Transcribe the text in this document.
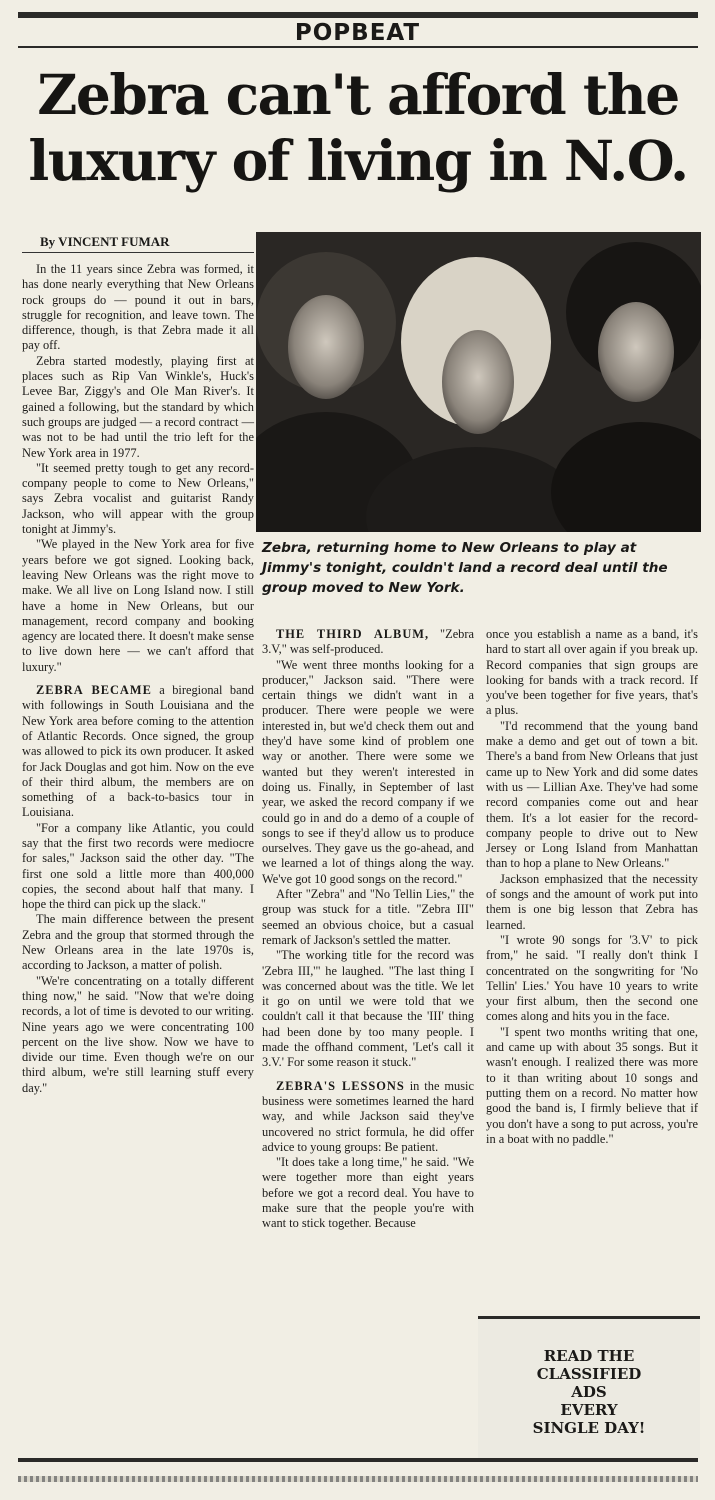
POPBEAT
Zebra can't afford the luxury of living in N.O.
By VINCENT FUMAR

In the 11 years since Zebra was formed, it has done nearly everything that New Orleans rock groups do — pound it out in bars, struggle for recognition, and leave town. The difference, though, is that Zebra made it all pay off.

Zebra started modestly, playing first at places such as Rip Van Winkle's, Huck's Levee Bar, Ziggy's and Ole Man River's. It gained a following, but the standard by which such groups are judged — a record contract — was not to be had until the trio left for the New York area in 1977.

"It seemed pretty tough to get any record-company people to come to New Orleans," says Zebra vocalist and guitarist Randy Jackson, who will appear with the group tonight at Jimmy's.

"We played in the New York area for five years before we got signed. Looking back, leaving New Orleans was the right move to make. We all live on Long Island now. I still have a home in New Orleans, but our management, record company and booking agency are located there. It doesn't make sense to live down here — we can't afford that luxury."

ZEBRA BECAME a biregional band with followings in South Louisiana and the New York area before coming to the attention of Atlantic Records. Once signed, the group was allowed to pick its own producer. It asked for Jack Douglas and got him. Now on the eve of their third album, the members are on something of a back-to-basics tour in Louisiana.

"For a company like Atlantic, you could say that the first two records were mediocre for sales," Jackson said the other day. "The first one sold a little more than 400,000 copies, the second about half that many. I hope the third can pick up the slack."

The main difference between the present Zebra and the group that stormed through the New Orleans area in the late 1970s is, according to Jackson, a matter of polish.

"We're concentrating on a totally different thing now," he said. "Now that we're doing records, a lot of time is devoted to our writing. Nine years ago we were concentrating 100 percent on the live show. Now we have to divide our time. Even though we're on our third album, we're still learning stuff every day."

Zebra, returning home to New Orleans to play at Jimmy's tonight, couldn't land a record deal until the group moved to New York.

THE THIRD ALBUM, "Zebra 3.V," was self-produced.

"We went three months looking for a producer," Jackson said. "There were certain things we didn't want in a producer. There were people we were interested in, but we'd check them out and they'd have some kind of problem one way or another. There were some we wanted but they weren't interested in doing us. Finally, in September of last year, we asked the record company if we could go in and do a demo of a couple of songs to see if they'd allow us to produce ourselves. They gave us the go-ahead, and we learned a lot of things along the way. We've got 10 good songs on the record."

After "Zebra" and "No Tellin Lies," the group was stuck for a title. "Zebra III" seemed an obvious choice, but a casual remark of Jackson's settled the matter.

"The working title for the record was 'Zebra III,'" he laughed. "The last thing I was concerned about was the title. We let it go on until we were told that we couldn't call it that because the 'III' thing had been done by too many people. I made the offhand comment, 'Let's call it 3.V.' For some reason it stuck."

ZEBRA'S LESSONS in the music business were sometimes learned the hard way, and while Jackson said they've uncovered no strict formula, he did offer advice to young groups: Be patient.

"It does take a long time," he said. "We were together more than eight years before we got a record deal. You have to make sure that the people you're with want to stick together. Because

once you establish a name as a band, it's hard to start all over again if you break up. Record companies that sign groups are looking for bands with a track record. If you've been together for five years, that's a plus.

"I'd recommend that the young band make a demo and get out of town a bit. There's a band from New Orleans that just came up to New York and did some dates with us — Lillian Axe. They've had some record companies come out and hear them. It's a lot easier for the record-company people to drive out to New Jersey or Long Island from Manhattan than to hop a plane to New Orleans."

Jackson emphasized that the necessity of songs and the amount of work put into them is one big lesson that Zebra has learned.

"I wrote 90 songs for '3.V' to pick from," he said. "I really don't think I concentrated on the songwriting for 'No Tellin' Lies.' You have 10 years to write your first album, then the second one comes along and hits you in the face.

"I spent two months writing that one, and came up with about 35 songs. But it wasn't enough. I realized there was more to it than writing about 10 songs and putting them on a record. No matter how good the band is, I firmly believe that if you don't have a song to put across, you're in a boat with no paddle."

READ THE
CLASSIFIED
ADS
EVERY
SINGLE DAY!
